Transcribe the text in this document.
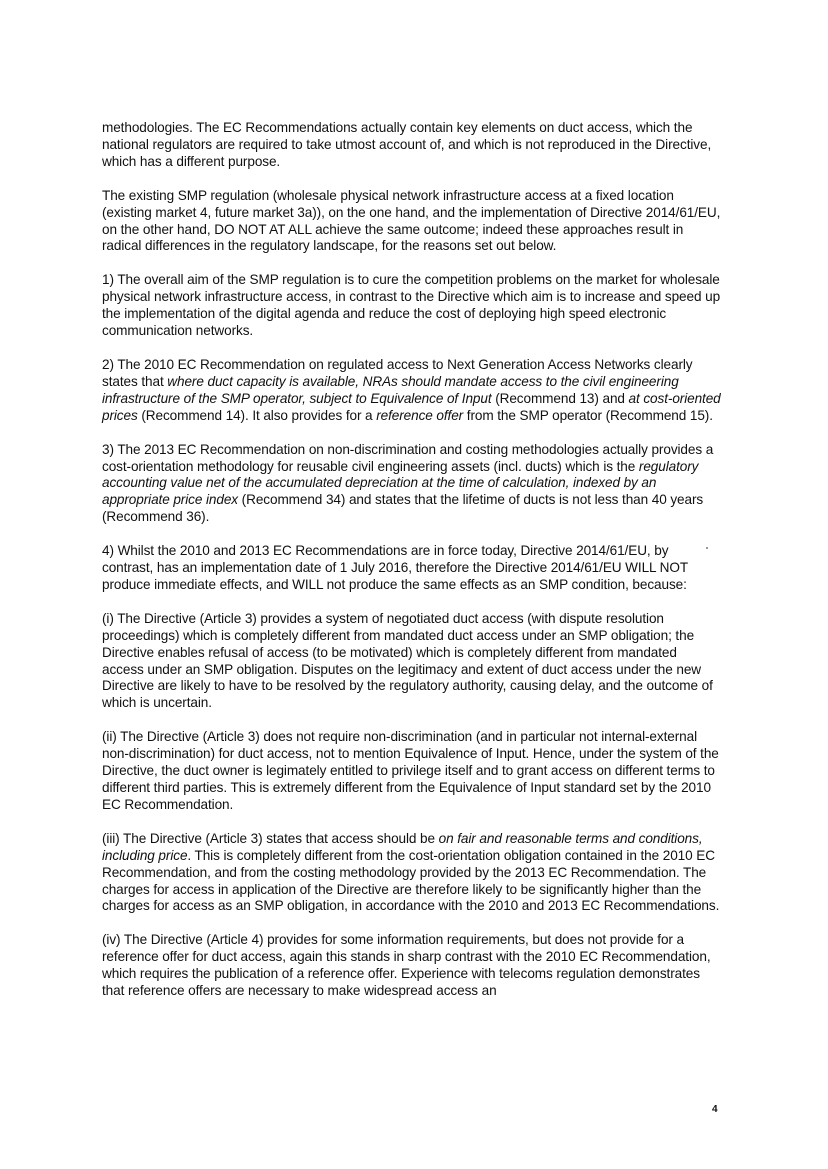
methodologies. The EC Recommendations actually contain key elements on duct access, which the national regulators are required to take utmost account of, and which is not reproduced in the Directive, which has a different purpose.

The existing SMP regulation (wholesale physical network infrastructure access at a fixed location (existing market 4, future market 3a)), on the one hand, and the implementation of Directive 2014/61/EU, on the other hand, DO NOT AT ALL achieve the same outcome; indeed these approaches result in radical differences in the regulatory landscape, for the reasons set out below.

1) The overall aim of the SMP regulation is to cure the competition problems on the market for wholesale physical network infrastructure access, in contrast to the Directive which aim is to increase and speed up the implementation of the digital agenda and reduce the cost of deploying high speed electronic communication networks.

2) The 2010 EC Recommendation on regulated access to Next Generation Access Networks clearly states that where duct capacity is available, NRAs should mandate access to the civil engineering infrastructure of the SMP operator, subject to Equivalence of Input (Recommend 13) and at cost-oriented prices (Recommend 14). It also provides for a reference offer from the SMP operator (Recommend 15).

3) The 2013 EC Recommendation on non-discrimination and costing methodologies actually provides a cost-orientation methodology for reusable civil engineering assets (incl. ducts) which is the regulatory accounting value net of the accumulated depreciation at the time of calculation, indexed by an appropriate price index (Recommend 34) and states that the lifetime of ducts is not less than 40 years (Recommend 36).

4) Whilst the 2010 and 2013 EC Recommendations are in force today, Directive 2014/61/EU, by contrast, has an implementation date of 1 July 2016, therefore the Directive 2014/61/EU WILL NOT produce immediate effects, and WILL not produce the same effects as an SMP condition, because:

(i) The Directive (Article 3) provides a system of negotiated duct access (with dispute resolution proceedings) which is completely different from mandated duct access under an SMP obligation; the Directive enables refusal of access (to be motivated) which is completely different from mandated access under an SMP obligation. Disputes on the legitimacy and extent of duct access under the new Directive are likely to have to be resolved by the regulatory authority, causing delay, and the outcome of which is uncertain.

(ii) The Directive (Article 3) does not require non-discrimination (and in particular not internal-external non-discrimination) for duct access, not to mention Equivalence of Input. Hence, under the system of the Directive, the duct owner is legimately entitled to privilege itself and to grant access on different terms to different third parties. This is extremely different from the Equivalence of Input standard set by the 2010 EC Recommendation.

(iii) The Directive (Article 3) states that access should be on fair and reasonable terms and conditions, including price. This is completely different from the cost-orientation obligation contained in the 2010 EC Recommendation, and from the costing methodology provided by the 2013 EC Recommendation. The charges for access in application of the Directive are therefore likely to be significantly higher than the charges for access as an SMP obligation, in accordance with the 2010 and 2013 EC Recommendations.

(iv) The Directive (Article 4) provides for some information requirements, but does not provide for a reference offer for duct access, again this stands in sharp contrast with the 2010 EC Recommendation, which requires the publication of a reference offer. Experience with telecoms regulation demonstrates that reference offers are necessary to make widespread access an

4
